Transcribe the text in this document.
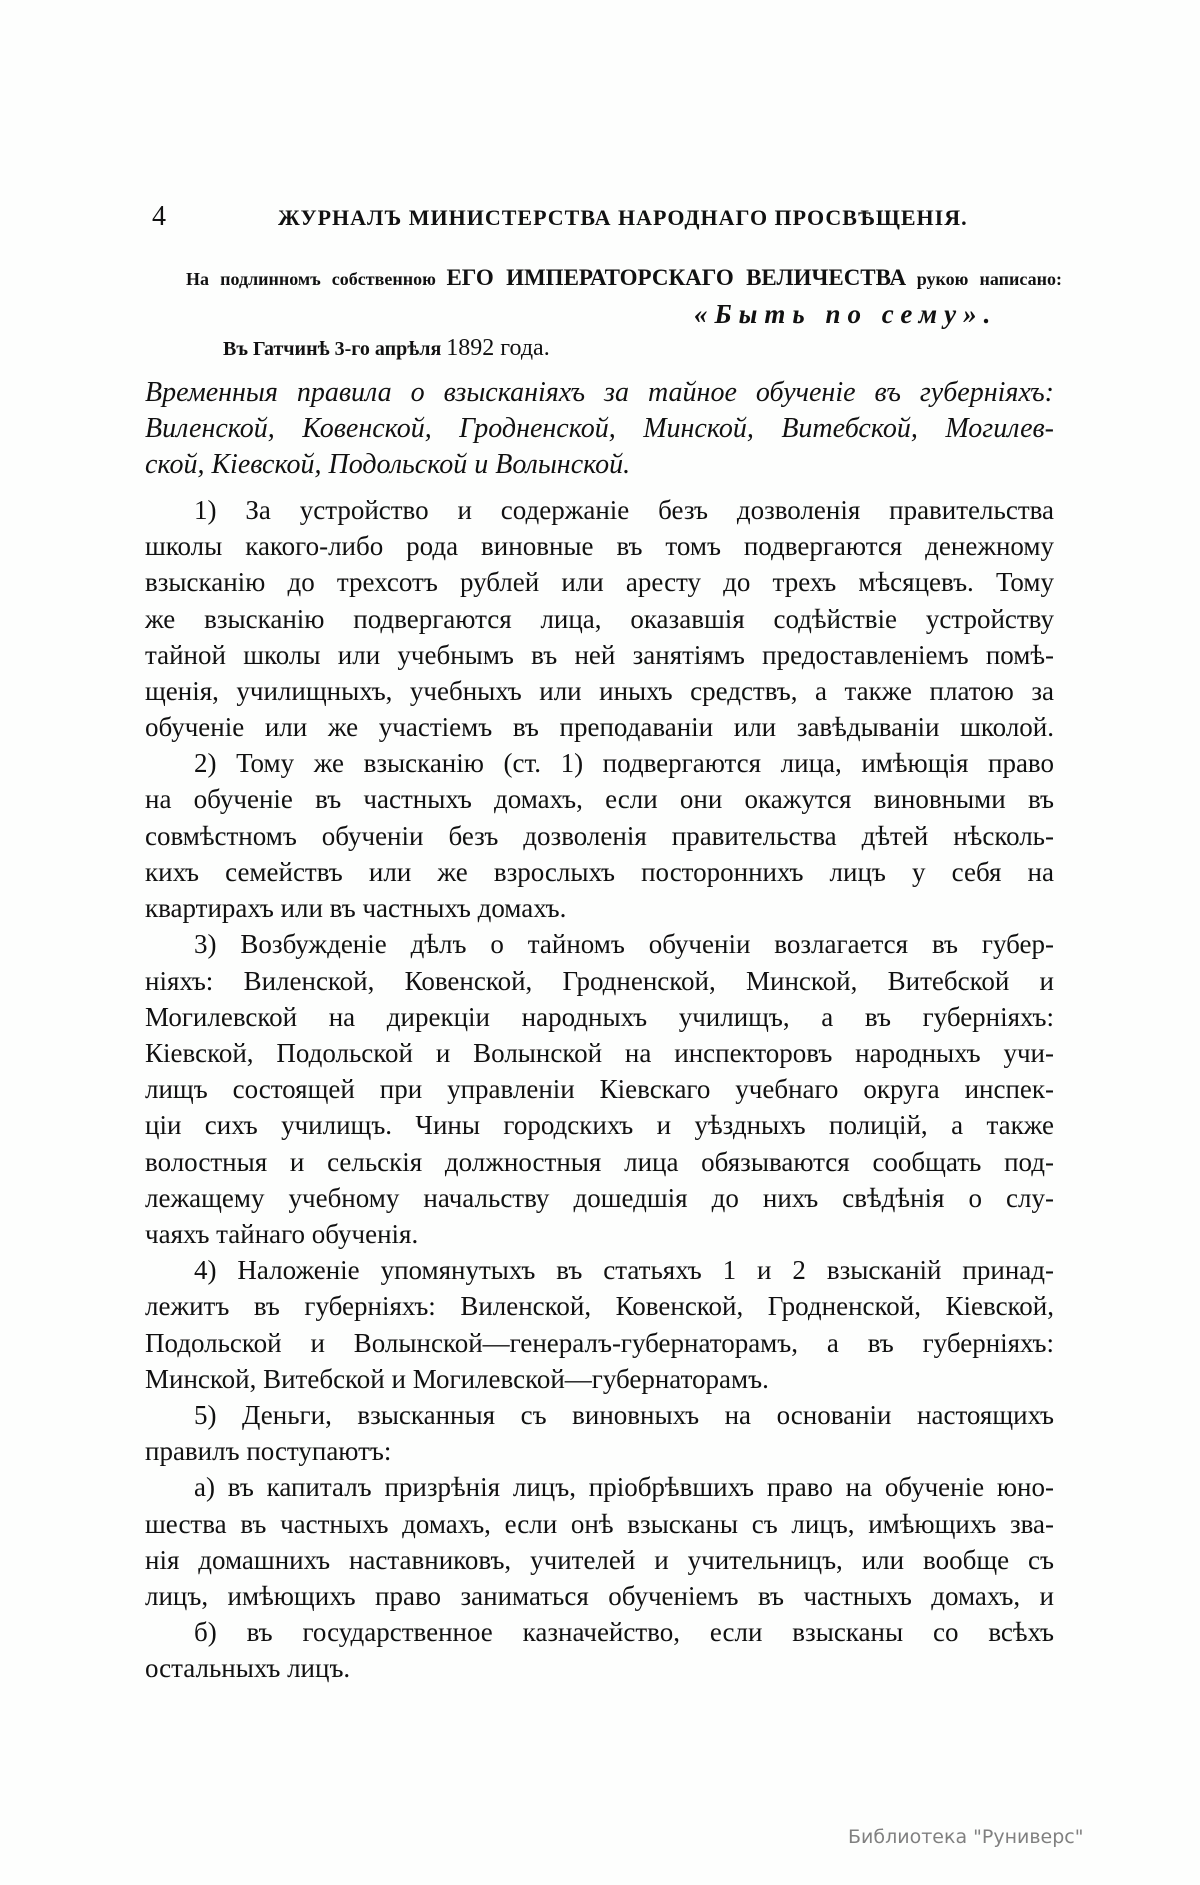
4	ЖУРНАЛЪ МИНИСТЕРСТВА НАРОДНАГО ПРОСВѢЩЕНІЯ.
На подлинномъ собственною ЕГО ИМПЕРАТОРСКАГО ВЕЛИЧЕСТВА рукою написано:
«Быть по сему».
Въ Гатчинѣ 3-го апрѣля 1892 года.
Временныя правила о взысканіяхъ за тайное обученіе въ губерніяхъ:
Виленской, Ковенской, Гродненской, Минской, Витебской, Могилев-
ской, Кіевской, Подольской и Волынской.
1) За устройство и содержаніе безъ дозволенія правительства
школы какого-либо рода виновные въ томъ подвергаются денежному
взысканію до трехсотъ рублей или аресту до трехъ мѣсяцевъ. Тому
же взысканію подвергаются лица, оказавшія содѣйствіе устройству
тайной школы или учебнымъ въ ней занятіямъ предоставленіемъ помѣ-
щенія, училищныхъ, учебныхъ или иныхъ средствъ, а также платою за
обученіе или же участіемъ въ преподаваніи или завѣдываніи школой.
2) Тому же взысканію (ст. 1) подвергаются лица, имѣющія право
на обученіе въ частныхъ домахъ, если они окажутся виновными въ
совмѣстномъ обученіи безъ дозволенія правительства дѣтей нѣсколь-
кихъ семействъ или же взрослыхъ постороннихъ лицъ у себя на
квартирахъ или въ частныхъ домахъ.
3) Возбужденіе дѣлъ о тайномъ обученіи возлагается въ губер-
ніяхъ: Виленской, Ковенской, Гродненской, Минской, Витебской и
Могилевской на дирекціи народныхъ училищъ, а въ губерніяхъ:
Кіевской, Подольской и Волынской на инспекторовъ народныхъ учи-
лищъ состоящей при управленіи Кіевскаго учебнаго округа инспек-
ціи сихъ училищъ. Чины городскихъ и уѣздныхъ полицій, а также
волостныя и сельскія должностныя лица обязываются сообщать под-
лежащему учебному начальству дошедшія до нихъ свѣдѣнія о слу-
чаяхъ тайнаго обученія.
4) Наложеніе упомянутыхъ въ статьяхъ 1 и 2 взысканій принад-
лежитъ въ губерніяхъ: Виленской, Ковенской, Гродненской, Кіевской,
Подольской и Волынской—генералъ-губернаторамъ, а въ губерніяхъ:
Минской, Витебской и Могилевской—губернаторамъ.
5) Деньги, взысканныя съ виновныхъ на основаніи настоящихъ
правилъ поступаютъ:
а) въ капиталъ призрѣнія лицъ, пріобрѣвшихъ право на обученіе юно-
шества въ частныхъ домахъ, если онѣ взысканы съ лицъ, имѣющихъ зва-
нія домашнихъ наставниковъ, учителей и учительницъ, или вообще съ
лицъ, имѣющихъ право заниматься обученіемъ въ частныхъ домахъ, и
б) въ государственное казначейство, если взысканы со всѣхъ
остальныхъ лицъ.
Библиотека "Руниверс"
